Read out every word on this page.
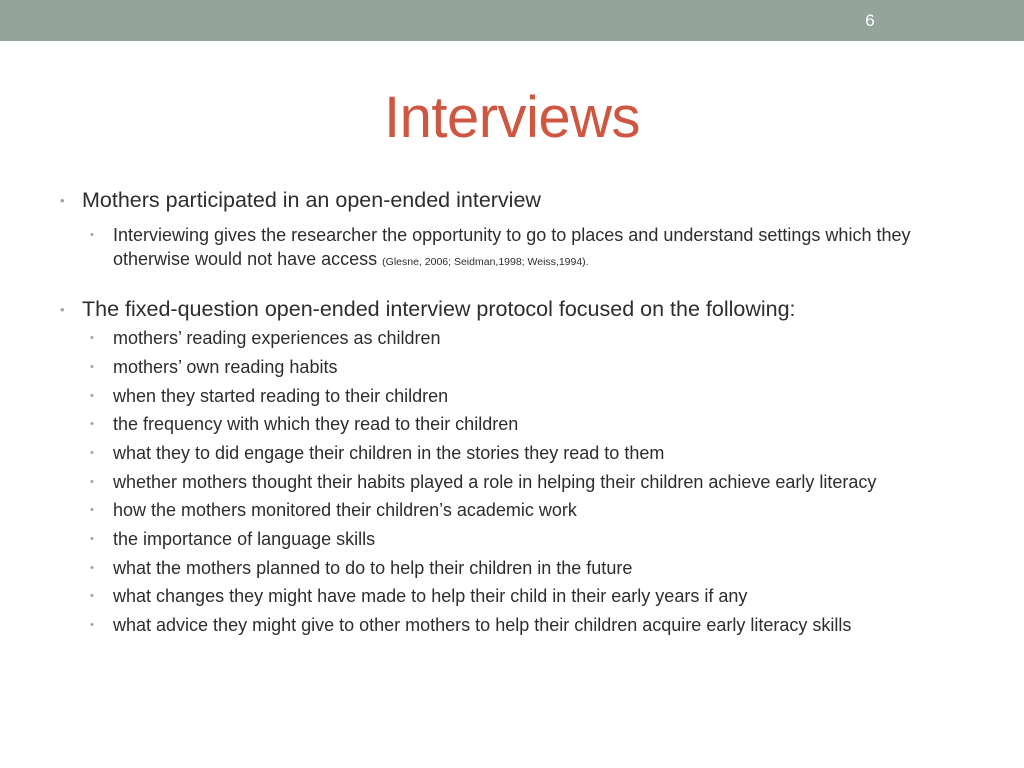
6
Interviews
• Mothers participated in an open-ended interview
•	Interviewing gives the researcher the opportunity to go to places and understand settings which they otherwise would not have access (Glesne, 2006; Seidman,1998; Weiss,1994).
• The fixed-question open-ended interview protocol focused on the following:
•	mothers’ reading experiences as children
•	mothers’ own reading habits
•	when they started reading to their children
•	the frequency with which they read to their children
•	what they to did engage their children in the stories they read to them
•	whether mothers thought their habits played a role in helping their children achieve early literacy
•	how the mothers monitored their children’s academic work
•	the importance of language skills
•	what the mothers planned to do to help their children in the future
•	what changes they might have made to help their child in their early years if any
•	what advice they might give to other mothers to help their children acquire early literacy skills
